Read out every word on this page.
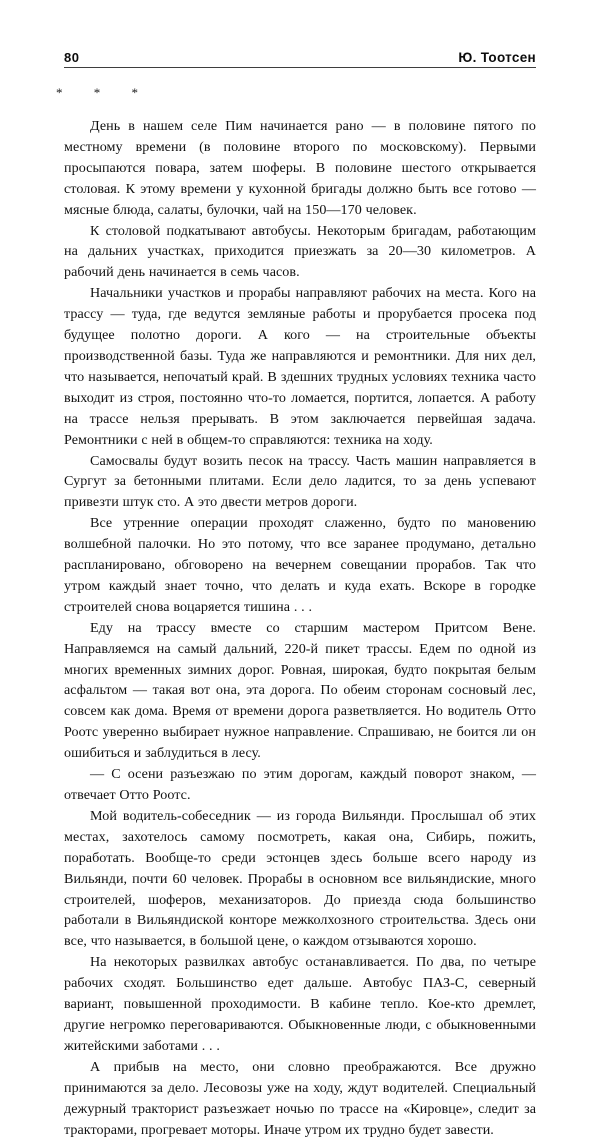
80	Ю. Тоотсен
* * *

День в нашем селе Пим начинается рано — в половине пятого по местному времени (в половине второго по московскому). Первыми просыпаются повара, затем шоферы. В половине шестого открывается столовая. К этому времени у кухонной бригады должно быть все готово — мясные блюда, салаты, булочки, чай на 150—170 человек.

К столовой подкатывают автобусы. Некоторым бригадам, работающим на дальних участках, приходится приезжать за 20—30 километров. А рабочий день начинается в семь часов.

Начальники участков и прорабы направляют рабочих на места. Кого на трассу — туда, где ведутся земляные работы и прорубается просека под будущее полотно дороги. А кого — на строительные объекты производственной базы. Туда же направляются и ремонтники. Для них дел, что называется, непочатый край. В здешних трудных условиях техника часто выходит из строя, постоянно что-то ломается, портится, лопается. А работу на трассе нельзя прерывать. В этом заключается первейшая задача. Ремонтники с ней в общем-то справляются: техника на ходу.

Самосвалы будут возить песок на трассу. Часть машин направляется в Сургут за бетонными плитами. Если дело ладится, то за день успевают привезти штук сто. А это двести метров дороги.

Все утренние операции проходят слаженно, будто по мановению волшебной палочки. Но это потому, что все заранее продумано, детально распланировано, обговорено на вечернем совещании прорабов. Так что утром каждый знает точно, что делать и куда ехать. Вскоре в городке строителей снова воцаряется тишина . . .

Еду на трассу вместе со старшим мастером Притсом Вене. Направляемся на самый дальний, 220-й пикет трассы. Едем по одной из многих временных зимних дорог. Ровная, широкая, будто покрытая белым асфальтом — такая вот она, эта дорога. По обеим сторонам сосновый лес, совсем как дома. Время от времени дорога разветвляется. Но водитель Отто Роотс уверенно выбирает нужное направление. Спрашиваю, не боится ли он ошибиться и заблудиться в лесу.

— С осени разъезжаю по этим дорогам, каждый поворот знаком, — отвечает Отто Роотс.

Мой водитель-собеседник — из города Вильянди. Прослышал об этих местах, захотелось самому посмотреть, какая она, Сибирь, пожить, поработать. Вообще-то среди эстонцев здесь больше всего народу из Вильянди, почти 60 человек. Прорабы в основном все вильяндиские, много строителей, шоферов, механизаторов. До приезда сюда большинство работали в Вильяндиской конторе межколхозного строительства. Здесь они все, что называется, в большой цене, о каждом отзываются хорошо.

На некоторых развилках автобус останавливается. По два, по четыре рабочих сходят. Большинство едет дальше. Автобус ПАЗ-С, северный вариант, повышенной проходимости. В кабине тепло. Кое-кто дремлет, другие негромко переговариваются. Обыкновенные люди, с обыкновенными житейскими заботами . . .

А прибыв на место, они словно преображаются. Все дружно принимаются за дело. Лесовозы уже на ходу, ждут водителей. Специальный дежурный тракторист разъезжает ночью по трассе на «Кировце», следит за тракторами, прогревает моторы. Иначе утром их трудно будет завести.
